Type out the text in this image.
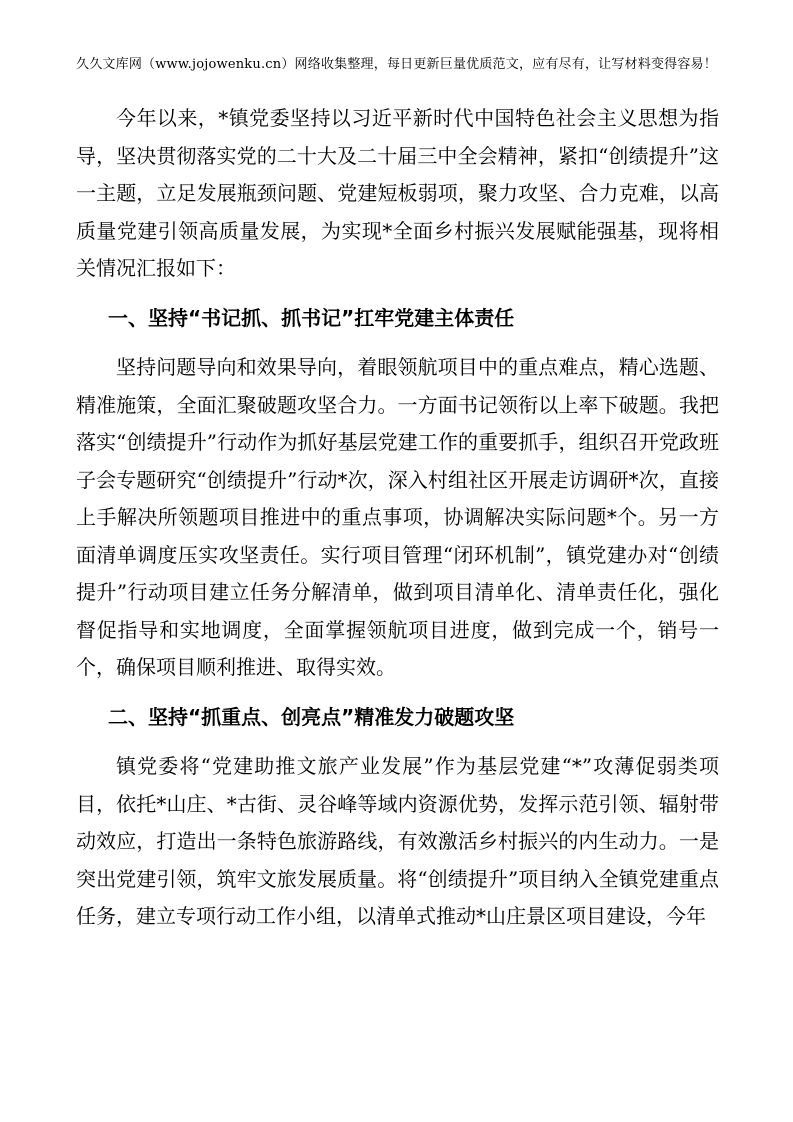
久久文库网（www.jojowenku.cn）网络收集整理，每日更新巨量优质范文，应有尽有，让写材料变得容易！

今年以来，*镇党委坚持以习近平新时代中国特色社会主义思想为指导，坚决贯彻落实党的二十大及二十届三中全会精神，紧扣“创绩提升”这一主题，立足发展瓶颈问题、党建短板弱项，聚力攻坚、合力克难，以高质量党建引领高质量发展，为实现*全面乡村振兴发展赋能强基，现将相关情况汇报如下：

一、坚持“书记抓、抓书记”扛牢党建主体责任

坚持问题导向和效果导向，着眼领航项目中的重点难点，精心选题、精准施策，全面汇聚破题攻坚合力。一方面书记领衔以上率下破题。我把落实“创绩提升”行动作为抓好基层党建工作的重要抓手，组织召开党政班子会专题研究“创绩提升”行动*次，深入村组社区开展走访调研*次，直接上手解决所领题项目推进中的重点事项，协调解决实际问题*个。另一方面清单调度压实攻坚责任。实行项目管理“闭环机制”，镇党建办对“创绩提升”行动项目建立任务分解清单，做到项目清单化、清单责任化，强化督促指导和实地调度，全面掌握领航项目进度，做到完成一个，销号一个，确保项目顺利推进、取得实效。

二、坚持“抓重点、创亮点”精准发力破题攻坚

镇党委将“党建助推文旅产业发展”作为基层党建“*”攻薄促弱类项目，依托*山庄、*古街、灵谷峰等域内资源优势，发挥示范引领、辐射带动效应，打造出一条特色旅游路线，有效激活乡村振兴的内生动力。一是突出党建引领，筑牢文旅发展质量。将“创绩提升”项目纳入全镇党建重点任务，建立专项行动工作小组，以清单式推动*山庄景区项目建设，今年
